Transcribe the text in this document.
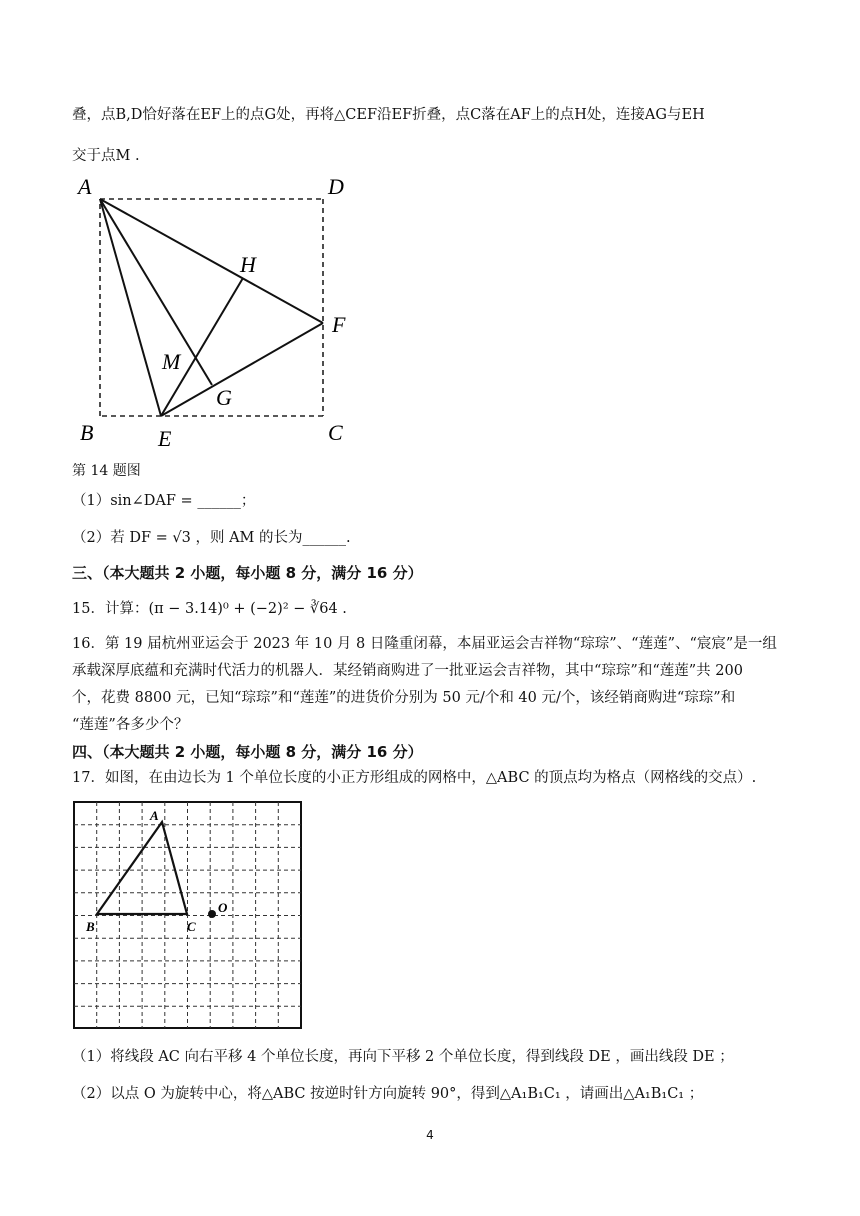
叠，点B,D恰好落在EF上的点G处，再将△CEF沿EF折叠，点C落在AF上的点H处，连接AG与EH
交于点M .
A	D
H
F
M
G
B	E	C
第 14 题图
（1）sin∠DAF = ______；
（2）若 DF = √3 ，则 AM 的长为______.
三、（本大题共 2 小题，每小题 8 分，满分 16 分）
15．计算：(π − 3.14)⁰ + (−2)² − ∛64 .
16．第 19 届杭州亚运会于 2023 年 10 月 8 日隆重闭幕，本届亚运会吉祥物“琮琮”、“莲莲”、“宸宸”是一组
承载深厚底蕴和充满时代活力的机器人．某经销商购进了一批亚运会吉祥物，其中“琮琮”和“莲莲”共 200
个，花费 8800 元，已知“琮琮”和“莲莲”的进货价分别为 50 元/个和 40 元/个，该经销商购进“琮琮”和
“莲莲”各多少个？
四、（本大题共 2 小题，每小题 8 分，满分 16 分）
17．如图，在由边长为 1 个单位长度的小正方形组成的网格中，△ABC 的顶点均为格点（网格线的交点）.
A
B	C
O
（1）将线段 AC 向右平移 4 个单位长度，再向下平移 2 个单位长度，得到线段 DE ，画出线段 DE ；
（2）以点 O 为旋转中心，将△ABC 按逆时针方向旋转 90°，得到△A₁B₁C₁ ，请画出△A₁B₁C₁ ；
4
